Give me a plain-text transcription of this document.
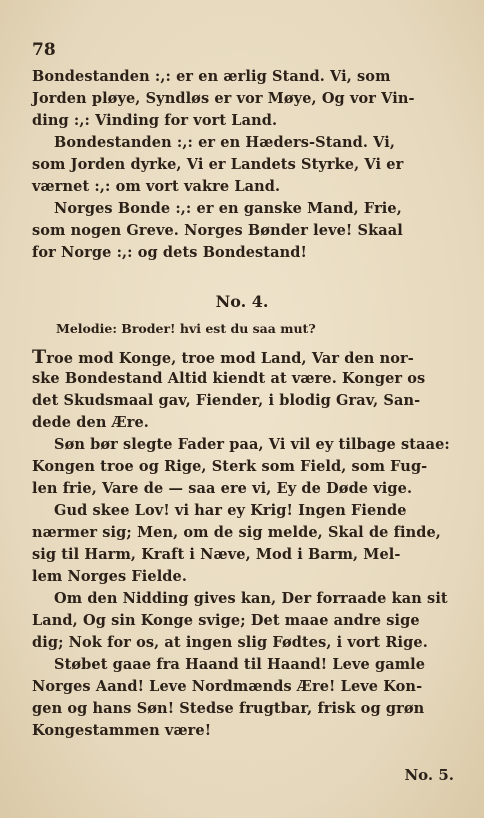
78
Bondestanden :,: er en ærlig Stand. Vi, som
Jorden pløye, Syndløs er vor Møye, Og vor Vin-
ding :,: Vinding for vort Land.
Bondestanden :,: er en Hæders-Stand. Vi,
som Jorden dyrke, Vi er Landets Styrke, Vi er
værnet :,: om vort vakre Land.
Norges Bonde :,: er en ganske Mand, Frie,
som nogen Greve. Norges Bønder leve! Skaal
for Norge :,: og dets Bondestand!
No. 4.
Melodie: Broder! hvi est du saa mut?
Troe mod Konge, troe mod Land, Var den nor-
ske Bondestand Altid kiendt at være. Konger os
det Skudsmaal gav, Fiender, i blodig Grav, San-
dede den Ære.
Søn bør slegte Fader paa, Vi vil ey tilbage staae:
Kongen troe og Rige, Sterk som Field, som Fug-
len frie, Vare de — saa ere vi, Ey de Døde vige.
Gud skee Lov! vi har ey Krig! Ingen Fiende
nærmer sig; Men, om de sig melde, Skal de finde,
sig til Harm, Kraft i Næve, Mod i Barm, Mel-
lem Norges Fielde.
Om den Nidding gives kan, Der forraade kan sit
Land, Og sin Konge svige; Det maae andre sige
dig; Nok for os, at ingen slig Fødtes, i vort Rige.
Støbet gaae fra Haand til Haand! Leve gamle
Norges Aand! Leve Nordmænds Ære! Leve Kon-
gen og hans Søn! Stedse frugtbar, frisk og grøn
Kongestammen være!
No. 5.
